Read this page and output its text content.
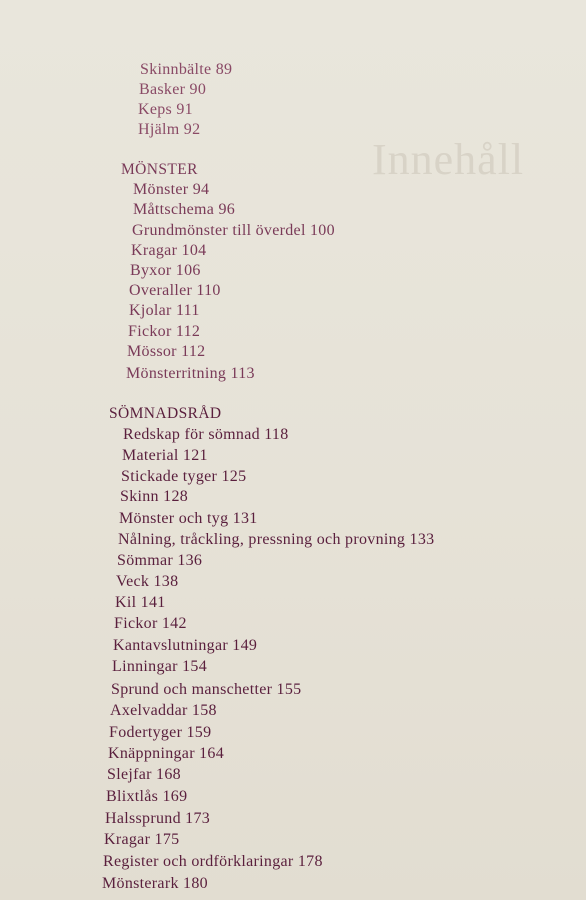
Innehåll
Skinnbälte 89
Basker 90
Keps 91
Hjälm 92
MÖNSTER
Mönster 94
Måttschema 96
Grundmönster till överdel 100
Kragar 104
Byxor 106
Overaller 110
Kjolar 111
Fickor 112
Mössor 112
Mönsterritning 113
SÖMNADSRÅD
Redskap för sömnad 118
Material 121
Stickade tyger 125
Skinn 128
Mönster och tyg 131
Nålning, tråckling, pressning och provning 133
Sömmar 136
Veck 138
Kil 141
Fickor 142
Kantavslutningar 149
Linningar 154
Sprund och manschetter 155
Axelvaddar 158
Fodertyger 159
Knäppningar 164
Slejfar 168
Blixtlås 169
Halssprund 173
Kragar 175
Register och ordförklaringar 178
Mönsterark 180
